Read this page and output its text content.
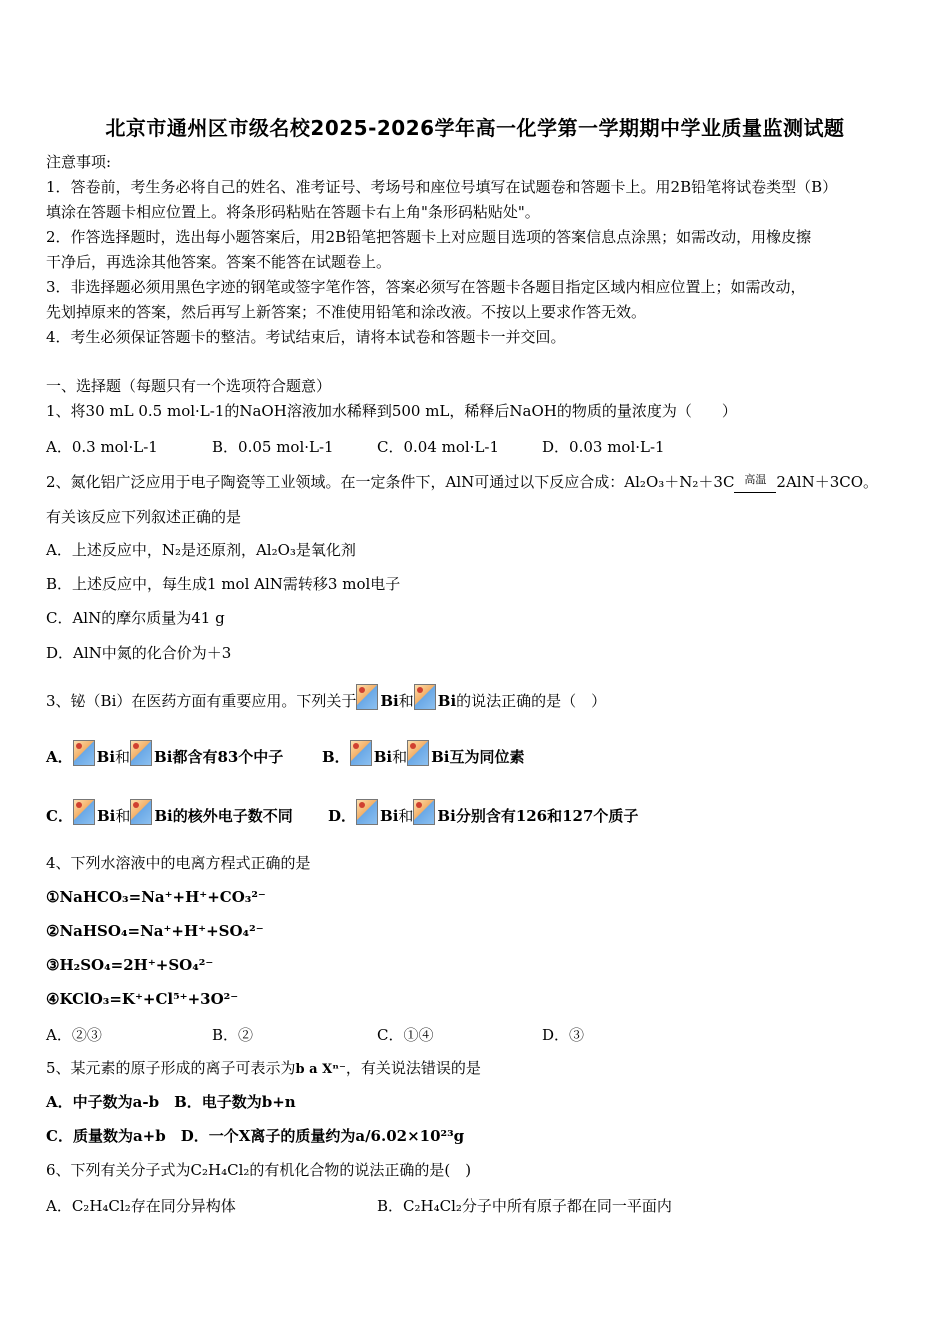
北京市通州区市级名校2025-2026学年高一化学第一学期期中学业质量监测试题
注意事项:
1．答卷前，考生务必将自己的姓名、准考证号、考场号和座位号填写在试题卷和答题卡上。用2B铅笔将试卷类型（B）
填涂在答题卡相应位置上。将条形码粘贴在答题卡右上角"条形码粘贴处"。
2．作答选择题时，选出每小题答案后，用2B铅笔把答题卡上对应题目选项的答案信息点涂黑；如需改动，用橡皮擦
干净后，再选涂其他答案。答案不能答在试题卷上。
3．非选择题必须用黑色字迹的钢笔或签字笔作答，答案必须写在答题卡各题目指定区域内相应位置上；如需改动，
先划掉原来的答案，然后再写上新答案；不准使用铅笔和涂改液。不按以上要求作答无效。
4．考生必须保证答题卡的整洁。考试结束后，请将本试卷和答题卡一并交回。
一、选择题（每题只有一个选项符合题意）
1、将30 mL 0.5 mol·L-1的NaOH溶液加水稀释到500 mL，稀释后NaOH的物质的量浓度为（　　）
A．0.3 mol·L-1	B．0.05 mol·L-1	C．0.04 mol·L-1	D．0.03 mol·L-1
2、氮化铝广泛应用于电子陶瓷等工业领域。在一定条件下，AlN可通过以下反应合成：Al₂O₃＋N₂＋3C 高温 2AlN＋3CO。
有关该反应下列叙述正确的是
A．上述反应中，N₂是还原剂，Al₂O₃是氧化剂
B．上述反应中，每生成1 mol AlN需转移3 mol电子
C．AlN的摩尔质量为41 g
D．AlN中氮的化合价为＋3
3、铋（Bi）在医药方面有重要应用。下列关于 Bi和 Bi的说法正确的是（　）
A． Bi和 Bi都含有83个中子	B． Bi和 Bi互为同位素
C． Bi和 Bi的核外电子数不同 D． Bi和 Bi分别含有126和127个质子
4、下列水溶液中的电离方程式正确的是
①NaHCO₃=Na⁺+H⁺+CO₃²⁻
②NaHSO₄=Na⁺+H⁺+SO₄²⁻
③H₂SO₄=2H⁺+SO₄²⁻
④KClO₃=K⁺+Cl⁵⁺+3O²⁻
A．②③	B．②	C．①④	D．③
5、某元素的原子形成的离子可表示为b a Xⁿ⁻，有关说法错误的是
A．中子数为a-b　B．电子数为b+n
C．质量数为a+b　D．一个X离子的质量约为a/6.02×10²³g
6、下列有关分子式为C₂H₄Cl₂的有机化合物的说法正确的是(　)
A．C₂H₄Cl₂存在同分异构体	B．C₂H₄Cl₂分子中所有原子都在同一平面内
